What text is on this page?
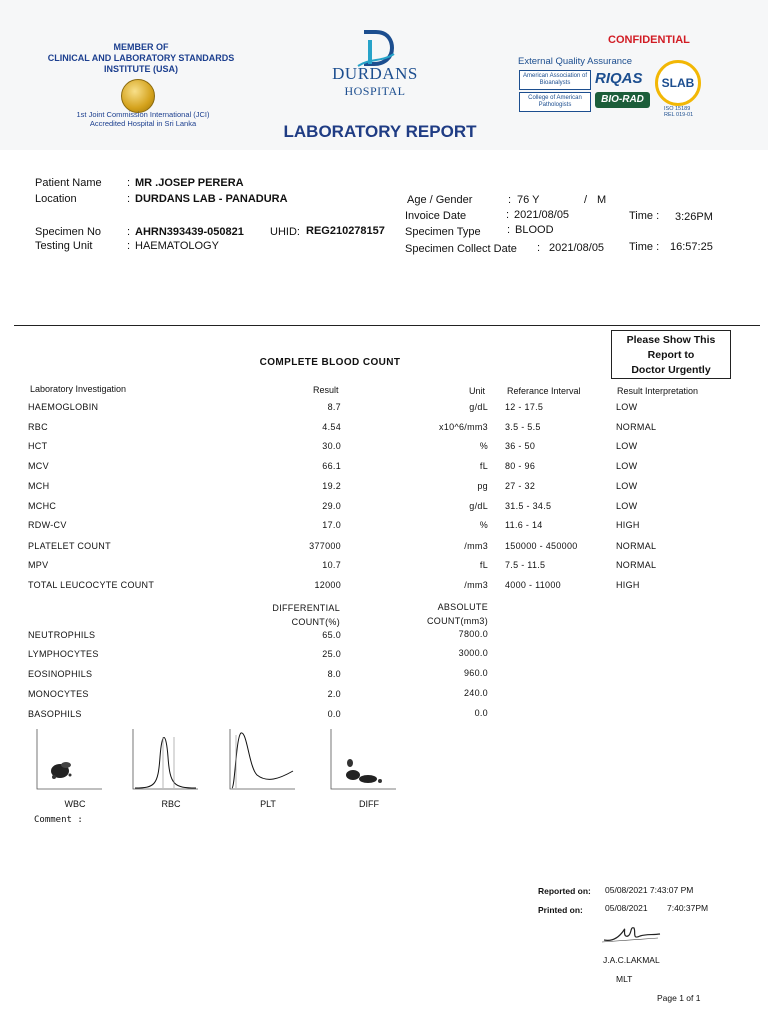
MEMBER OF
CLINICAL AND LABORATORY STANDARDS
INSTITUTE (USA)
1st Joint Commission International (JCI)
Accredited Hospital in Sri Lanka
DURDANS
HOSPITAL
LABORATORY REPORT
CONFIDENTIAL
External Quality Assurance
American Association of Bioanalysts
College of American Pathologists
RIQAS
BIO-RAD
SLAB
ISO 15189
REL 019-01
Patient Name : MR .JOSEP PERERA
Location	: DURDANS LAB - PANADURA
Specimen No : AHRN393439-050821 UHID: REG210278157
Testing Unit	: HAEMATOLOGY
Age / Gender	: 76 Y	/ M
Invoice Date	: 2021/08/05	Time : 3:26PM
Specimen Type : BLOOD
Specimen Collect Date : 2021/08/05 Time : 16:57:25
Please Show This
Report to
Doctor Urgently
COMPLETE BLOOD COUNT
Laboratory Investigation	Result	Unit Referance Interval	Result Interpretation
HAEMOGLOBIN	8.7	g/dL 12 - 17.5	LOW
RBC	4.54	x10^6/mm3 3.5 - 5.5	NORMAL
HCT	30.0	% 36 - 50	LOW
MCV	66.1	fL 80 - 96	LOW
MCH	19.2	pg 27 - 32	LOW
MCHC	29.0	g/dL 31.5 - 34.5	LOW
RDW-CV	17.0	% 11.6 - 14	HIGH
PLATELET COUNT	377000	/mm3 150000 - 450000	NORMAL
MPV	10.7	fL 7.5 - 11.5	NORMAL
TOTAL LEUCOCYTE COUNT	12000	/mm3 4000 - 11000	HIGH
DIFFERENTIAL
COUNT(%)
ABSOLUTE
COUNT(mm3)
NEUTROPHILS	65.0	7800.0
LYMPHOCYTES	25.0	3000.0
EOSINOPHILS	8.0	960.0
MONOCYTES	2.0	240.0
BASOPHILS	0.0	0.0
WBC	RBC	PLT	DIFF
Comment :
Reported on: 05/08/2021 7:43:07 PM
Printed on:	05/08/2021 7:40:37PM
J.A.C.LAKMAL
MLT
Page 1 of 1
